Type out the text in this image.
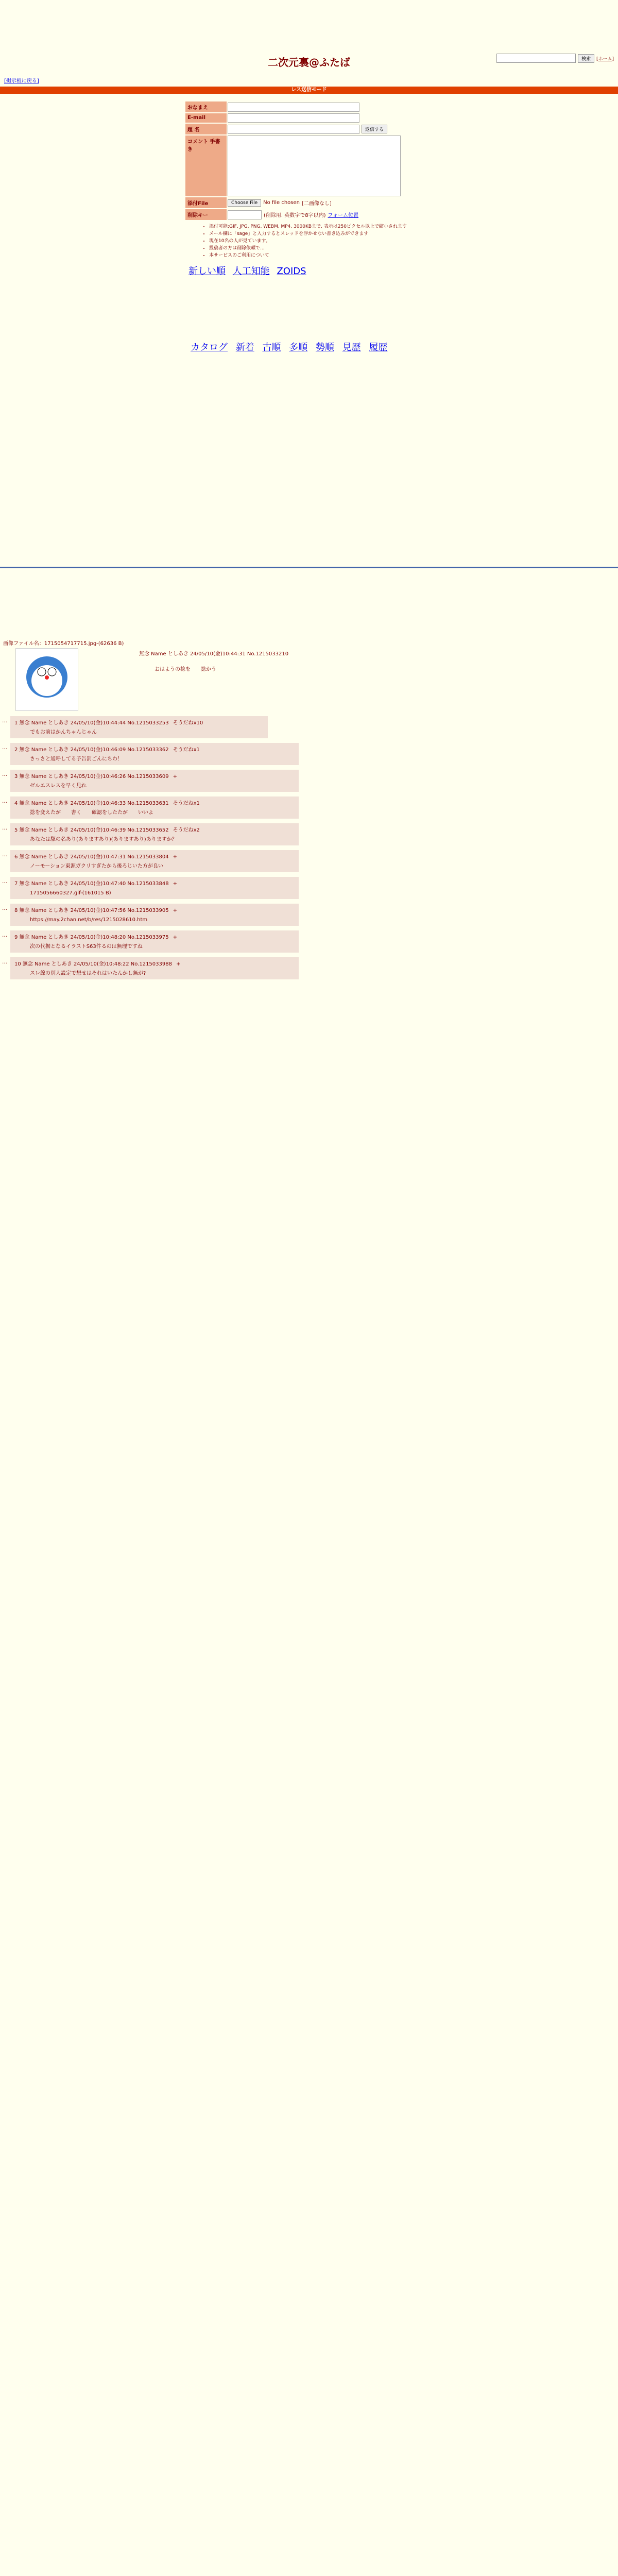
二次元裏@ふたば	検索	[ホーム]
[掲示板に戻る]
レス送信モード
おなまえ
E-mail
題 名	返信する
コメント 手書き
添付File	Choose File	No file chosen [二画像なし]
削除キー	(削除用. 英数字で8字以内) フォーム位置
• 添付可能:GIF, JPG, PNG, WEBM, MP4. 3000KBまで. 表示は250ピクセル以上で縮小されます
• メール欄に「sage」と入力するとスレッドを浮かせない書き込みができます
• 現在10名の人が見ています。
• 投稿者の方は削除依頼で...
• 本サービスのご利用について
新しい順 人工知能 ZOIDS
カタログ 新着 古順 多順 勢順 見歴 履歴
画像ファイル名：1715054717715.jpg-(62636 B)
無念 Name としあき 24/05/10(金)10:44:31 No.1215033210
おはようの捻を　　捻かう
… 1 無念 Name としあき 24/05/10(金)10:44:44 No.1215033253 そうだねx10
でもお前はかんちゃんじゃん
… 2 無念 Name としあき 24/05/10(金)10:46:09 No.1215033362 そうだねx1
さっさと通呼してる予告罰ごんにちわ！
… 3 無念 Name としあき 24/05/10(金)10:46:26 No.1215033609 +
ゼルエスレスを早く見れ
… 4 無念 Name としあき 24/05/10(金)10:46:33 No.1215033631 そうだねx1
捻を変えたが　　書く　　確認をしたたが　　いいよ
… 5 無念 Name としあき 24/05/10(金)10:46:39 No.1215033652 そうだねx2
あなたは駆の名あり(ありますあり)(ありますあり)ありますか？
… 6 無念 Name としあき 24/05/10(金)10:47:31 No.1215033804 +
ノーモーション東源ガクリすぎたから後ろじいた方が良い
… 7 無念 Name としあき 24/05/10(金)10:47:40 No.1215033848 +
1715056660327.gif-(161015 B)
… 8 無念 Name としあき 24/05/10(金)10:47:56 No.1215033905 +
https://may.2chan.net/b/res/1215028610.htm
… 9 無念 Name としあき 24/05/10(金)10:48:20 No.1215033975 +
次の代据となるイラストS63件るのは無理ですね
… 10 無念 Name としあき 24/05/10(金)10:48:22 No.1215033988 +
スレ線の別人設定で想せはそれはいたんかし無が?
